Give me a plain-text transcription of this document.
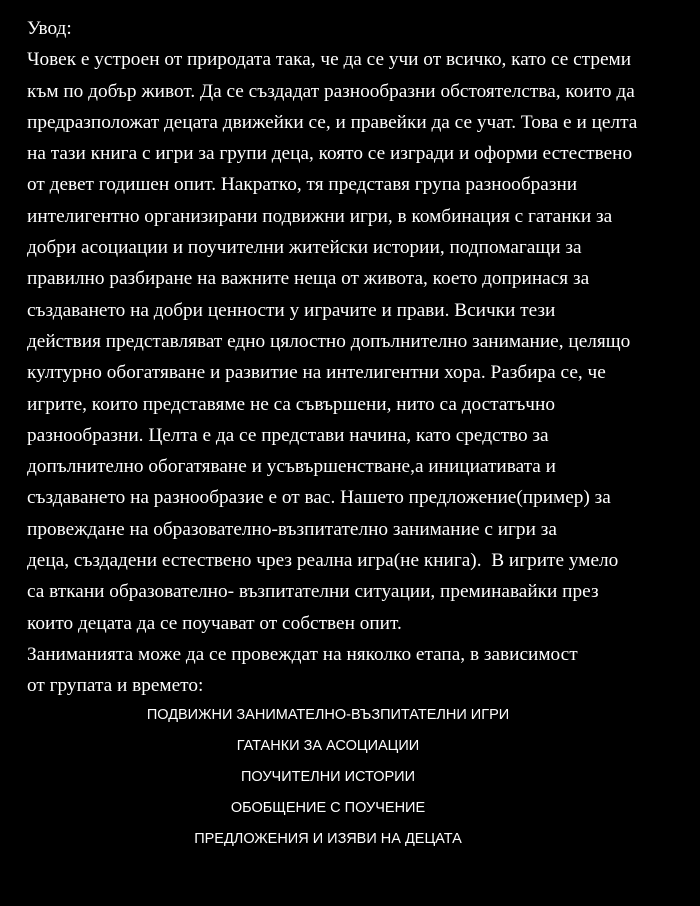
Увод:
Човек е устроен от природата така, че да се учи от всичко, като се стреми
към по добър живот. Да се създадат разнообразни обстоятелства, които да
предразположат децата движейки се, и правейки да се учат. Това е и целта
на тази книга с игри за групи деца, която се изгради и оформи естествено
от девет годишен опит. Накратко, тя представя група разнообразни
интелигентно организирани подвижни игри, в комбинация с гатанки за
добри асоциации и поучителни житейски истории, подпомагащи за
правилно разбиране на важните неща от живота, което допринася за
създаването на добри ценности у играчите и прави. Всички тези
действия представляват едно цялостно допълнително занимание, целящо
културно обогатяване и развитие на интелигентни хора. Разбира се, че
игрите, които представяме не са съвършени, нито са достатъчно
разнообразни. Целта е да се представи начина, като средство за
допълнително обогатяване и усъвършенстване,а инициативата и
създаването на разнообразие е от вас. Нашето предложение(пример) за
провеждане на образователно-възпитателно занимание с игри за
деца, създадени естествено чрез реална игра(не книга).  В игрите умело
са вткани образователно- възпитателни ситуации, преминавайки през
които децата да се поучават от собствен опит.
Заниманията може да се провеждат на няколко етапа, в зависимост
от групата и времето:
ПОДВИЖНИ ЗАНИМАТЕЛНО-ВЪЗПИТАТЕЛНИ ИГРИ
ГАТАНКИ ЗА АСОЦИАЦИИ
ПОУЧИТЕЛНИ ИСТОРИИ
ОБОБЩЕНИЕ С ПОУЧЕНИЕ
ПРЕДЛОЖЕНИЯ И ИЗЯВИ НА ДЕЦАТА
